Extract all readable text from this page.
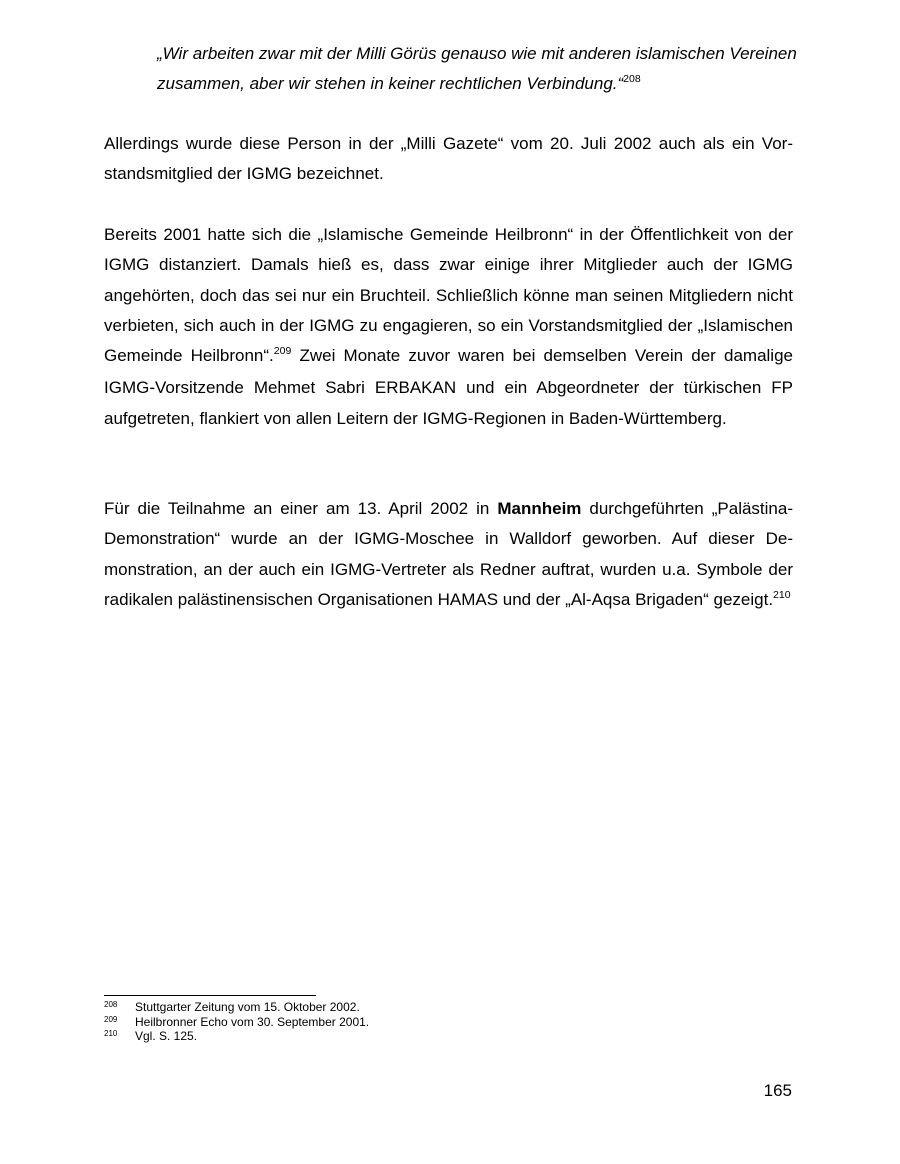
„Wir arbeiten zwar mit der Milli Görüs genauso wie mit anderen islamischen Vereinen zusammen, aber wir stehen in keiner rechtlichen Verbindung.“$^{208}$

Allerdings wurde diese Person in der „Milli Gazete“ vom 20. Juli 2002 auch als ein Vorstandsmitglied der IGMG bezeichnet.

Bereits 2001 hatte sich die „Islamische Gemeinde Heilbronn“ in der Öffentlichkeit von der IGMG distanziert. Damals hieß es, dass zwar einige ihrer Mitglieder auch der IGMG angehörten, doch das sei nur ein Bruchteil. Schließlich könne man seinen Mitgliedern nicht verbieten, sich auch in der IGMG zu engagieren, so ein Vorstandsmitglied der „Islamischen Gemeinde Heilbronn“.$^{209}$ Zwei Monate zuvor waren bei demselben Verein der damalige IGMG-Vorsitzende Mehmet Sabri ERBAKAN und ein Abgeordneter der türkischen FP aufgetreten, flankiert von allen Leitern der IGMG-Regionen in Baden-Württemberg.

Für die Teilnahme an einer am 13. April 2002 in Mannheim durchgeführten „Palästina-Demonstration“ wurde an der IGMG-Moschee in Walldorf geworben. Auf dieser Demonstration, an der auch ein IGMG-Vertreter als Redner auftrat, wurden u.a. Symbole der radikalen palästinensischen Organisationen HAMAS und der „Al-Aqsa Brigaden“ gezeigt.$^{210}$

208	Stuttgarter Zeitung vom 15. Oktober 2002.
209	Heilbronner Echo vom 30. September 2001.
210	Vgl. S. 125.
165
